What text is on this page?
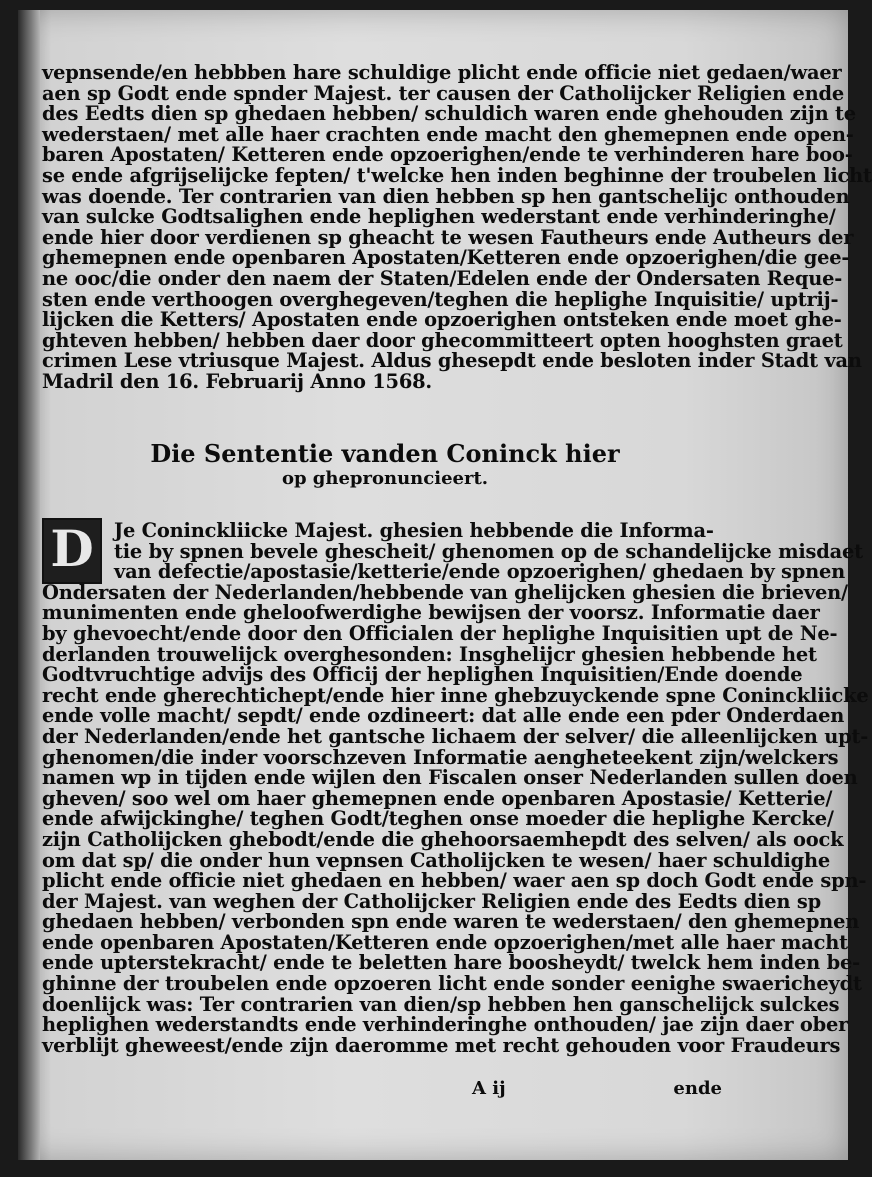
vepnsende/en hebbben hare schuldige plicht ende officie niet gedaen/waer
aen sp Godt ende spnder Majest. ter causen der Catholijcker Religien ende
des Eedts dien sp ghedaen hebben/ schuldich waren ende ghehouden zijn te
wederstaen/ met alle haer crachten ende macht den ghemepnen ende open-
baren Apostaten/ Ketteren ende opzoerighen/ende te verhinderen hare boo-
se ende afgrijselijcke fepten/ t'welcke hen inden beghinne der troubelen licht
was doende. Ter contrarien van dien hebben sp hen gantschelijc onthouden
van sulcke Godtsalighen ende heplighen wederstant ende verhinderinghe/
ende hier door verdienen sp gheacht te wesen Fautheurs ende Autheurs der
ghemepnen ende openbaren Apostaten/Ketteren ende opzoerighen/die gee-
ne ooc/die onder den naem der Staten/Edelen ende der Ondersaten Reque-
sten ende verthoogen overghegeven/teghen die heplighe Inquisitie/ uptrij-
lijcken die Ketters/ Apostaten ende opzoerighen ontsteken ende moet ghe-
ghteven hebben/ hebben daer door ghecommitteert opten hooghsten graet
crimen Lese vtriusque Majest. Aldus ghesepdt ende besloten inder Stadt van
Madril den 16. Februarij Anno 1568.
Die Sententie vanden Coninck hier
op ghepronuncieert.
D	Je Coninckliicke Majest. ghesien hebbende die Informa-
tie by spnen bevele ghescheit/ ghenomen op de schandelijcke misdaet
van defectie/apostasie/ketterie/ende opzoerighen/ ghedaen by spnen
Ondersaten der Nederlanden/hebbende van ghelijcken ghesien die brieven/
munimenten ende gheloofwerdighe bewijsen der voorsz. Informatie daer
by ghevoecht/ende door den Officialen der heplighe Inquisitien upt de Ne-
derlanden trouwelijck overghesonden: Insghelijcr ghesien hebbende het
Godtvruchtige advijs des Officij der heplighen Inquisitien/Ende doende
recht ende gherechtichept/ende hier inne ghebzuyckende spne Coninckliicke
ende volle macht/ sepdt/ ende ozdineert: dat alle ende een pder Onderdaen
der Nederlanden/ende het gantsche lichaem der selver/ die alleenlijcken upt-
ghenomen/die inder voorschzeven Informatie aengheteekent zijn/welckers
namen wp in tijden ende wijlen den Fiscalen onser Nederlanden sullen doen
gheven/ soo wel om haer ghemepnen ende openbaren Apostasie/ Ketterie/
ende afwijckinghe/ teghen Godt/teghen onse moeder die heplighe Kercke/
zijn Catholijcken ghebodt/ende die ghehoorsaemhepdt des selven/ als oock
om dat sp/ die onder hun vepnsen Catholijcken te wesen/ haer schuldighe
plicht ende officie niet ghedaen en hebben/ waer aen sp doch Godt ende spn-
der Majest. van weghen der Catholijcker Religien ende des Eedts dien sp
ghedaen hebben/ verbonden spn ende waren te wederstaen/ den ghemepnen
ende openbaren Apostaten/Ketteren ende opzoerighen/met alle haer macht
ende upterstekracht/ ende te beletten hare boosheydt/ twelck hem inden be-
ghinne der troubelen ende opzoeren licht ende sonder eenighe swaericheydt
doenlijck was: Ter contrarien van dien/sp hebben hen ganschelijck sulckes
heplighen wederstandts ende verhinderinghe onthouden/ jae zijn daer ober
verblijt gheweest/ende zijn daeromme met recht gehouden voor Fraudeurs
A ij	ende
